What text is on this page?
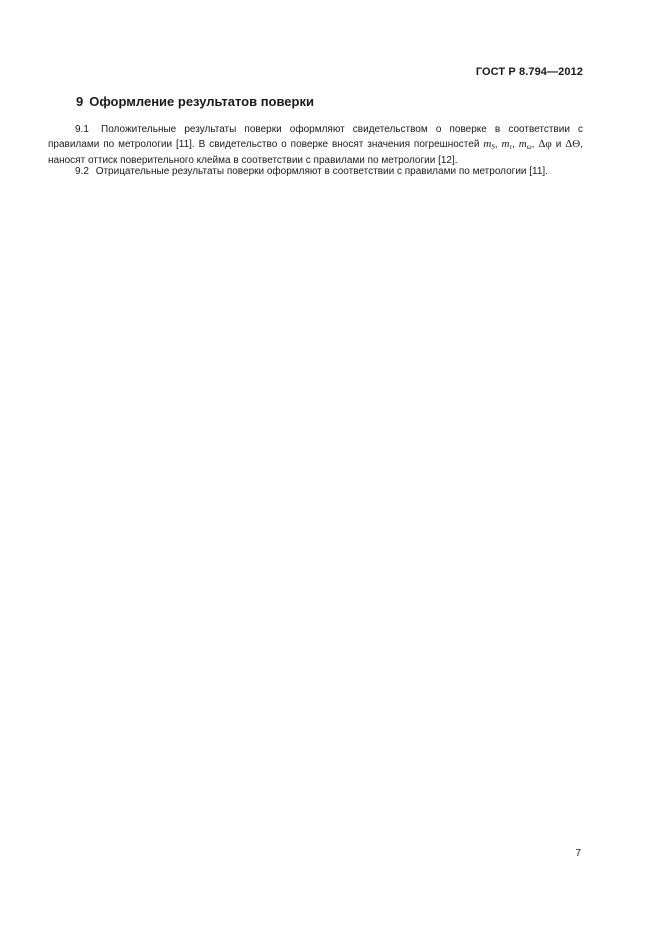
ГОСТ Р 8.794—2012
9 Оформление результатов поверки

9.1 Положительные результаты поверки оформляют свидетельством о поверке в соответствии с правилами по метрологии [11]. В свидетельство о поверке вносят значения погрешностей $m_S$, $m_\tau$, $m_\omega$, Δφ и ΔΘ, наносят оттиск поверительного клейма в соответствии с правилами по метрологии [12].

9.2 Отрицательные результаты поверки оформляют в соответствии с правилами по метрологии [11].

7
